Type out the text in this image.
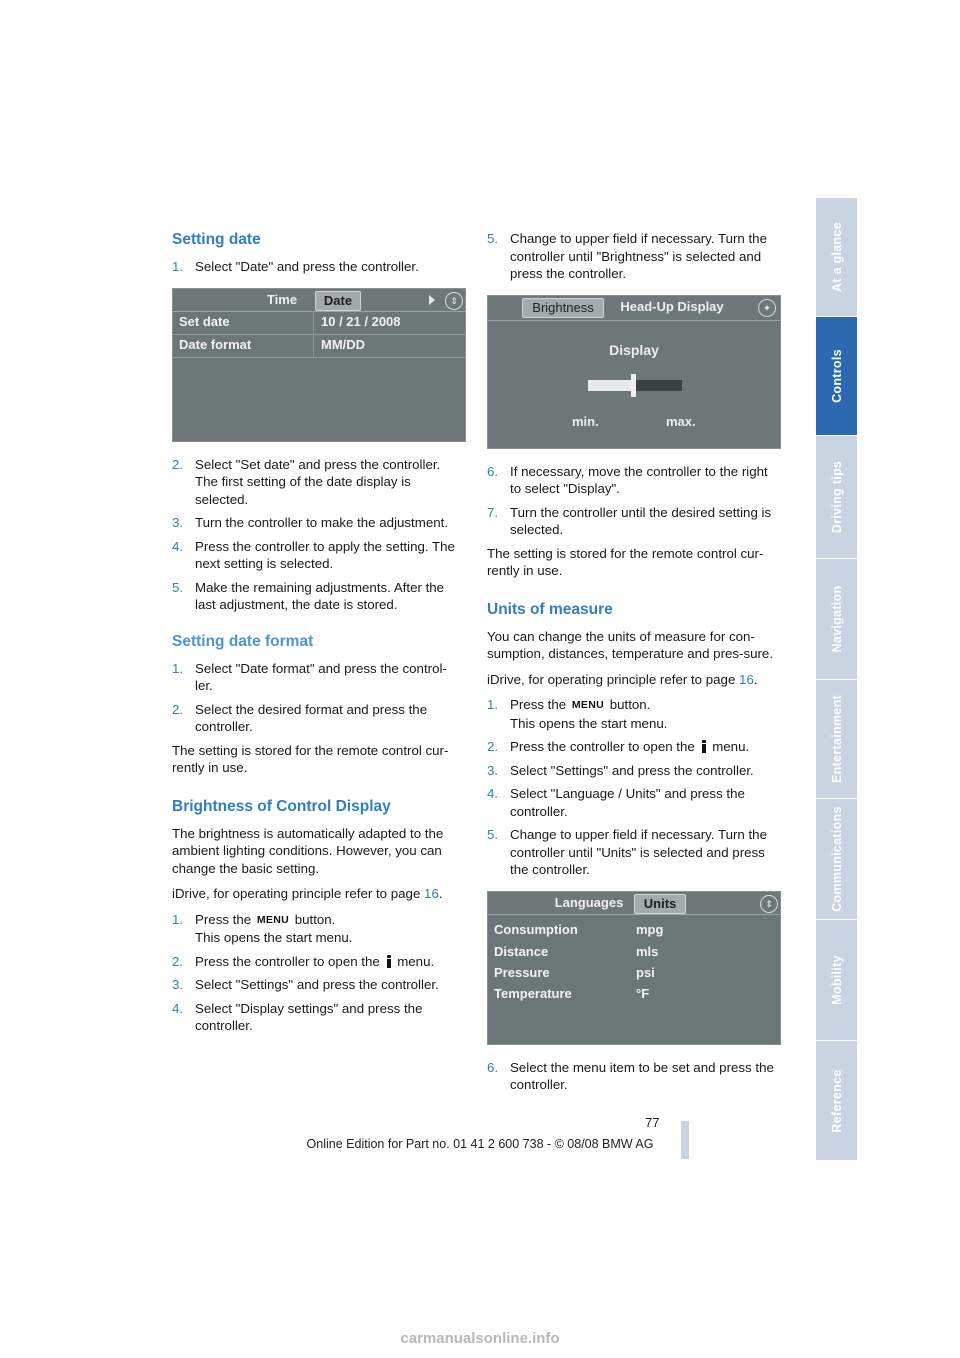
Setting date
1. Select "Date" and press the controller.
Time	Date	⇕
Set date	10 / 21 / 2008
Date format	MM/DD
2. Select "Set date" and press the controller. The first setting of the date display is selected.
3. Turn the controller to make the adjustment.
4. Press the controller to apply the setting. The next setting is selected.
5. Make the remaining adjustments. After the last adjustment, the date is stored.
Setting date format
1. Select "Date format" and press the control-ler.
2. Select the desired format and press the controller.

The setting is stored for the remote control cur-rently in use.

Brightness of Control Display

The brightness is automatically adapted to the ambient lighting conditions. However, you can change the basic setting.

iDrive, for operating principle refer to page 16.

1. Press the MENU button.
This opens the start menu.
2. Press the controller to open the menu.
3. Select "Settings" and press the controller.
4. Select "Display settings" and press the controller.
5. Change to upper field if necessary. Turn the controller until "Brightness" is selected and press the controller.
Brightness	Head-Up Display	✦
Display
min.	max.
6. If necessary, move the controller to the right to select "Display".
7. Turn the controller until the desired setting is selected.

The setting is stored for the remote control cur-rently in use.

Units of measure

You can change the units of measure for con-sumption, distances, temperature and pres-sure.

iDrive, for operating principle refer to page 16.

1. Press the MENU button.
This opens the start menu.
2. Press the controller to open the menu.
3. Select "Settings" and press the controller.
4. Select "Language / Units" and press the controller.
5. Change to upper field if necessary. Turn the controller until "Units" is selected and press the controller.
Languages	Units	⇕
Consumption	mpg
Distance	mls
Pressure	psi
Temperature	°F
6. Select the menu item to be set and press the controller.
At a glance
Controls
Driving tips
Navigation
Entertainment
Communications
Mobility
Reference
77
Online Edition for Part no. 01 41 2 600 738 - © 08/08 BMW AG
carmanualsonline.info
